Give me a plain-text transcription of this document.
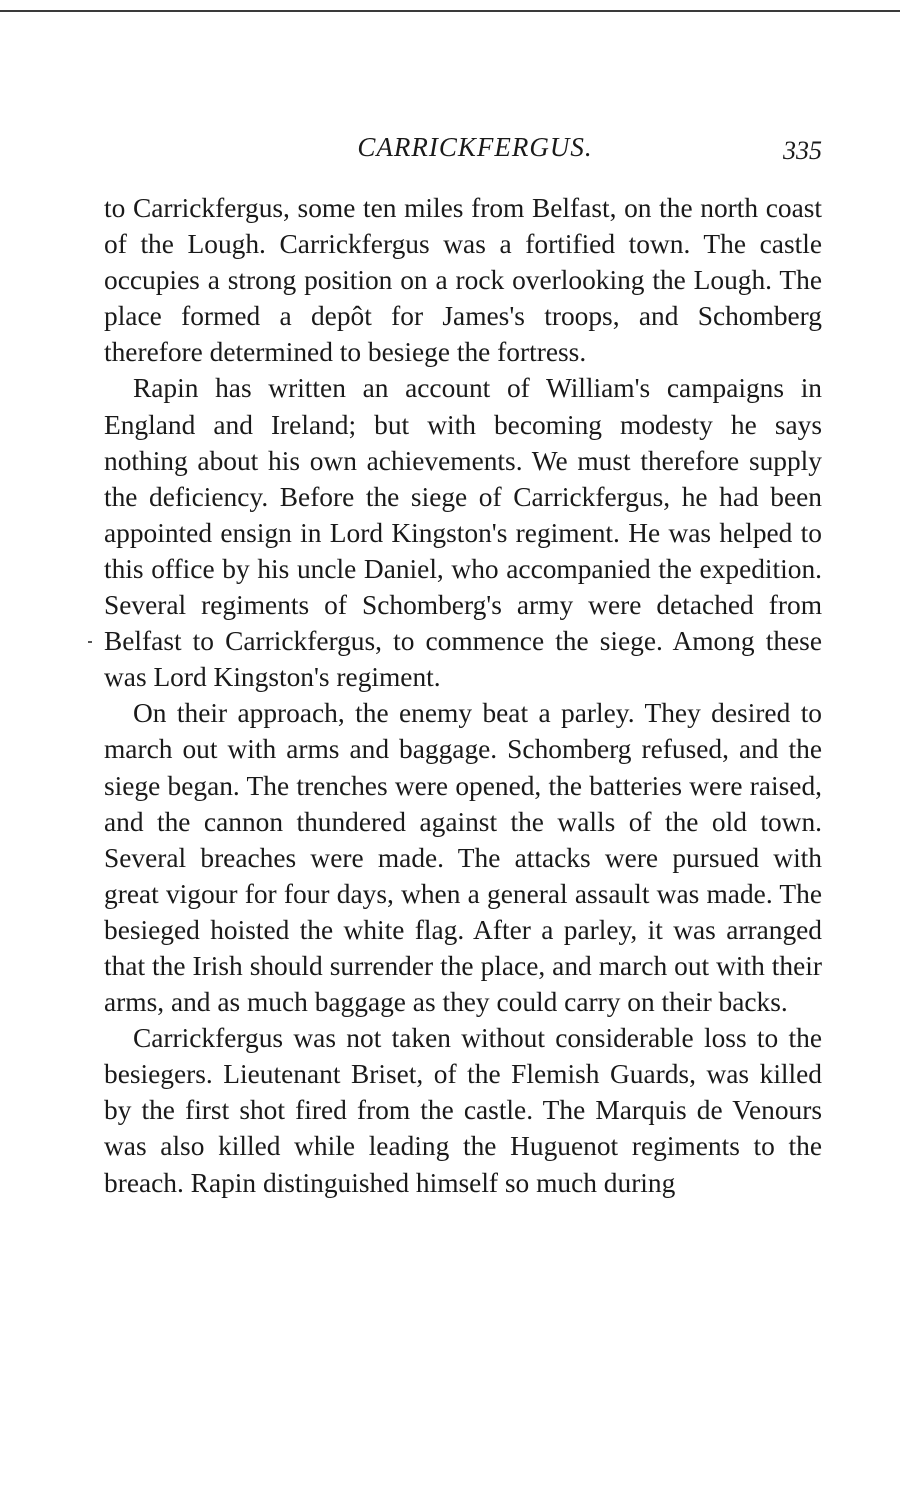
CARRICKFERGUS.	335

to Carrickfergus, some ten miles from Belfast, on the north coast of the Lough. Carrickfergus was a fortified town. The castle occupies a strong position on a rock overlooking the Lough. The place formed a depôt for James's troops, and Schomberg therefore determined to besiege the fortress.

Rapin has written an account of William's campaigns in England and Ireland; but with becoming modesty he says nothing about his own achievements. We must therefore supply the deficiency. Before the siege of Carrickfergus, he had been appointed ensign in Lord Kingston's regiment. He was helped to this office by his uncle Daniel, who accompanied the expedition. Several regiments of Schomberg's army were detached from Belfast to Carrickfergus, to commence the siege. Among these was Lord Kingston's regiment.

On their approach, the enemy beat a parley. They desired to march out with arms and baggage. Schomberg refused, and the siege began. The trenches were opened, the batteries were raised, and the cannon thundered against the walls of the old town. Several breaches were made. The attacks were pursued with great vigour for four days, when a general assault was made. The besieged hoisted the white flag. After a parley, it was arranged that the Irish should surrender the place, and march out with their arms, and as much baggage as they could carry on their backs.

Carrickfergus was not taken without considerable loss to the besiegers. Lieutenant Briset, of the Flemish Guards, was killed by the first shot fired from the castle. The Marquis de Venours was also killed while leading the Huguenot regiments to the breach. Rapin distinguished himself so much during
